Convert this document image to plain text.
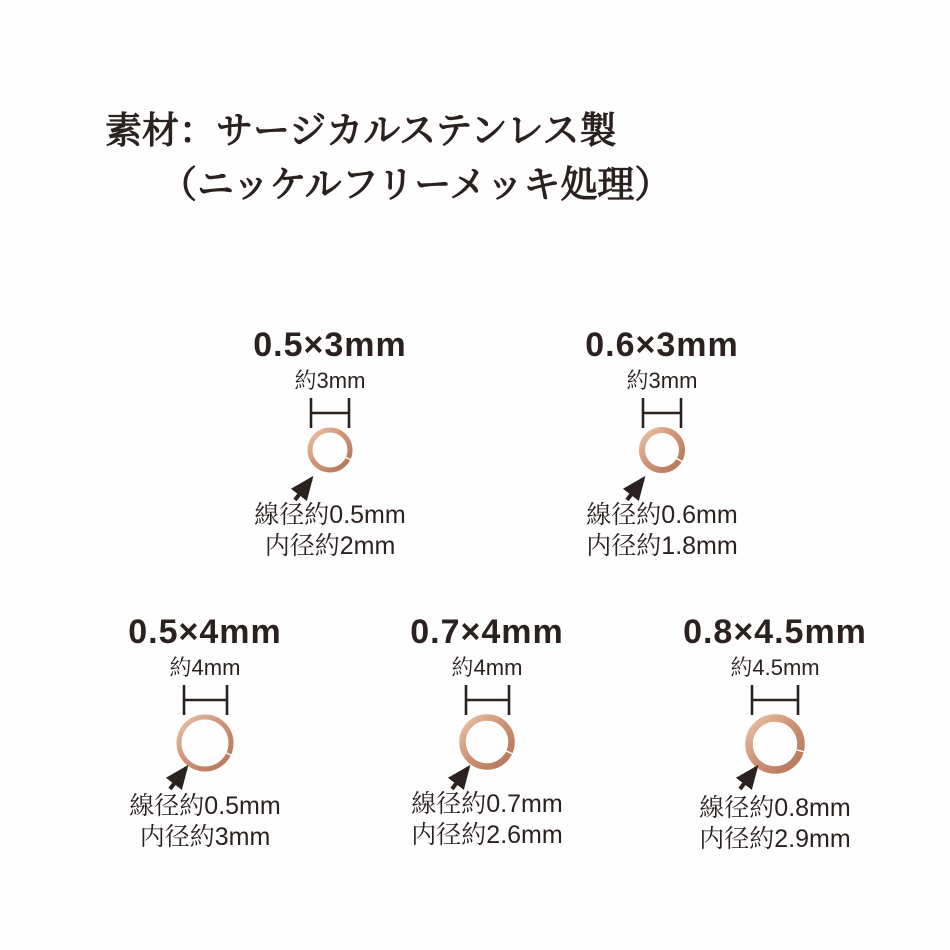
素材：サージカルステンレス製
（ニッケルフリーメッキ処理）
0.5×3mm
約3mm
線径約0.5mm
内径約2mm
0.6×3mm
約3mm
線径約0.6mm
内径約1.8mm
0.5×4mm
約4mm
線径約0.5mm
内径約3mm
0.7×4mm
約4mm
線径約0.7mm
内径約2.6mm
0.8×4.5mm
約4.5mm
線径約0.8mm
内径約2.9mm
